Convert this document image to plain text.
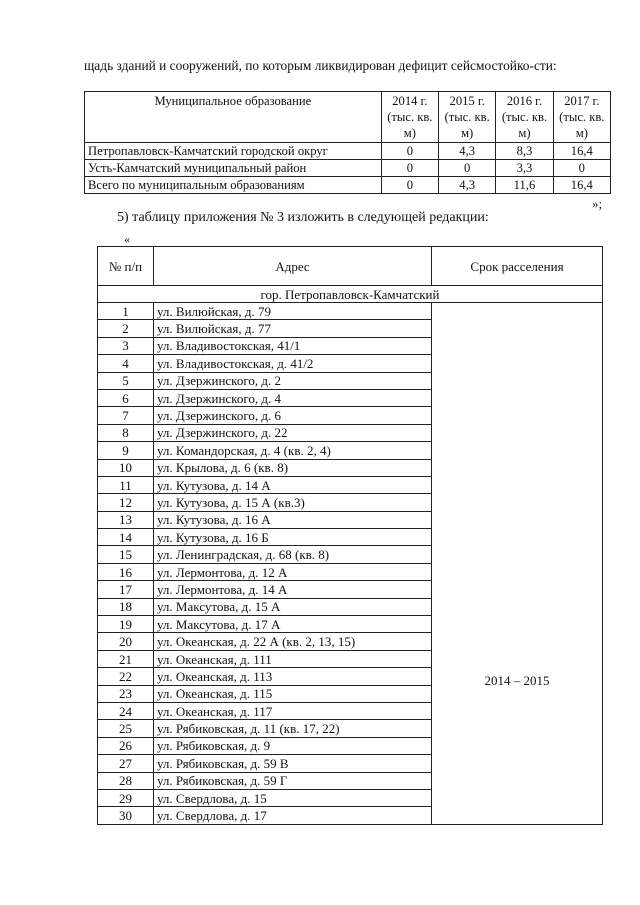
щадь зданий и сооружений, по которым ликвидирован дефицит сейсмостойко-сти:

Муниципальное образование	2014 г. (тыс. кв. м)	2015 г. (тыс. кв. м)	2016 г. (тыс. кв. м)	2017 г. (тыс. кв. м)
Петропавловск-Камчатский городской округ	0	4,3	8,3	16,4
Усть-Камчатский муниципальный район	0	0	3,3	0
Всего по муниципальным образованиям	0	4,3	11,6	16,4
»;

5) таблицу приложения № 3 изложить в следующей редакции:

«
№ п/п	Адрес	Срок расселения
гор. Петропавловск-Камчатский		
1	ул. Вилюйская, д. 79	2014 – 2015
2	ул. Вилюйская, д. 77	
3	ул. Владивостокская, 41/1	
4	ул. Владивостокская, д. 41/2	
5	ул. Дзержинского, д. 2	
6	ул. Дзержинского, д. 4	
7	ул. Дзержинского, д. 6	
8	ул. Дзержинского, д. 22	
9	ул. Командорская, д. 4 (кв. 2, 4)	
10	ул. Крылова, д. 6 (кв. 8)	
11	ул. Кутузова, д. 14 А	
12	ул. Кутузова, д. 15 А (кв.3)	
13	ул. Кутузова, д. 16 А	
14	ул. Кутузова, д. 16 Б	
15	ул. Ленинградская, д. 68 (кв. 8)	
16	ул. Лермонтова, д. 12 А	
17	ул. Лермонтова, д. 14 А	
18	ул. Максутова, д. 15 А	
19	ул. Максутова, д. 17 А	
20	ул. Океанская, д. 22 А (кв. 2, 13, 15)	
21	ул. Океанская, д. 111	
22	ул. Океанская, д. 113	
23	ул. Океанская, д. 115	
24	ул. Океанская, д. 117	
25	ул. Рябиковская, д. 11 (кв. 17, 22)	
26	ул. Рябиковская, д. 9	
27	ул. Рябиковская, д. 59 В	
28	ул. Рябиковская, д. 59 Г	
29	ул. Свердлова, д. 15	
30	ул. Свердлова, д. 17	
